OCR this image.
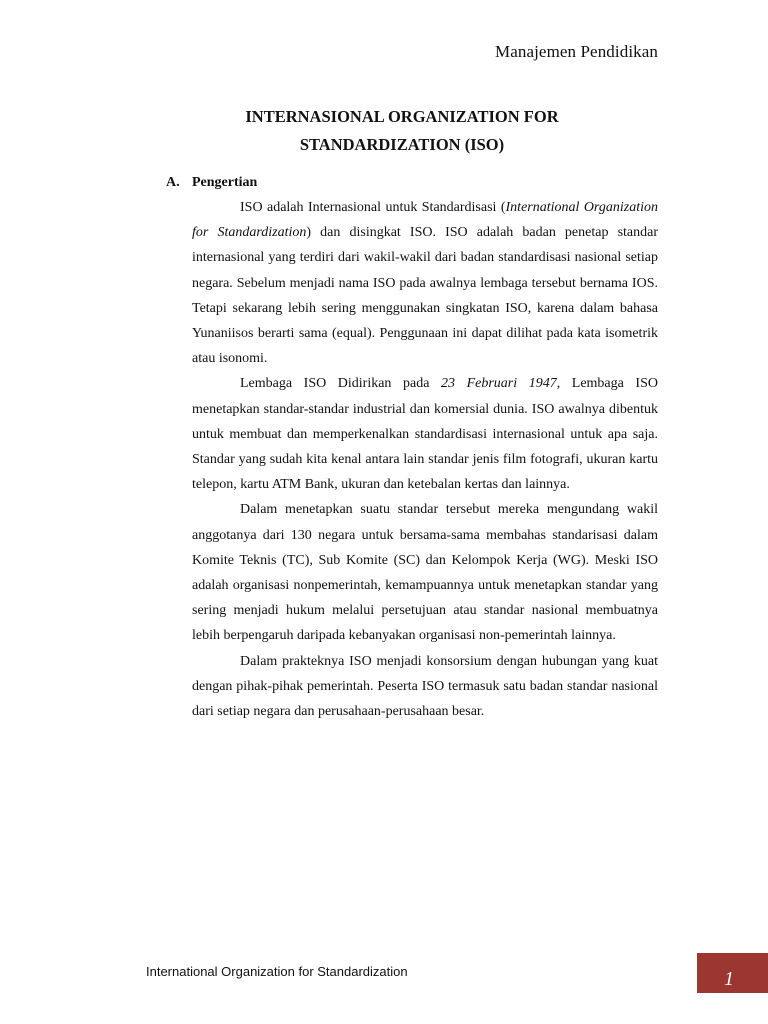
Manajemen Pendidikan
INTERNASIONAL ORGANIZATION FOR
STANDARDIZATION (ISO)
A. Pengertian

ISO adalah Internasional untuk Standardisasi (International Organization for Standardization) dan disingkat ISO. ISO adalah badan penetap standar internasional yang terdiri dari wakil-wakil dari badan standardisasi nasional setiap negara. Sebelum menjadi nama ISO pada awalnya lembaga tersebut bernama IOS. Tetapi sekarang lebih sering menggunakan singkatan ISO, karena dalam bahasa Yunaniisos berarti sama (equal). Penggunaan ini dapat dilihat pada kata isometrik atau isonomi.

Lembaga ISO Didirikan pada 23 Februari 1947, Lembaga ISO menetapkan standar-standar industrial dan komersial dunia. ISO awalnya dibentuk untuk membuat dan memperkenalkan standardisasi internasional untuk apa saja. Standar yang sudah kita kenal antara lain standar jenis film fotografi, ukuran kartu telepon, kartu ATM Bank, ukuran dan ketebalan kertas dan lainnya.

Dalam menetapkan suatu standar tersebut mereka mengundang wakil anggotanya dari 130 negara untuk bersama-sama membahas standarisasi dalam Komite Teknis (TC), Sub Komite (SC) dan Kelompok Kerja (WG). Meski ISO adalah organisasi nonpemerintah, kemampuannya untuk menetapkan standar yang sering menjadi hukum melalui persetujuan atau standar nasional membuatnya lebih berpengaruh daripada kebanyakan organisasi non-pemerintah lainnya.

Dalam prakteknya ISO menjadi konsorsium dengan hubungan yang kuat dengan pihak-pihak pemerintah. Peserta ISO termasuk satu badan standar nasional dari setiap negara dan perusahaan-perusahaan besar.

International Organization for Standardization	1
